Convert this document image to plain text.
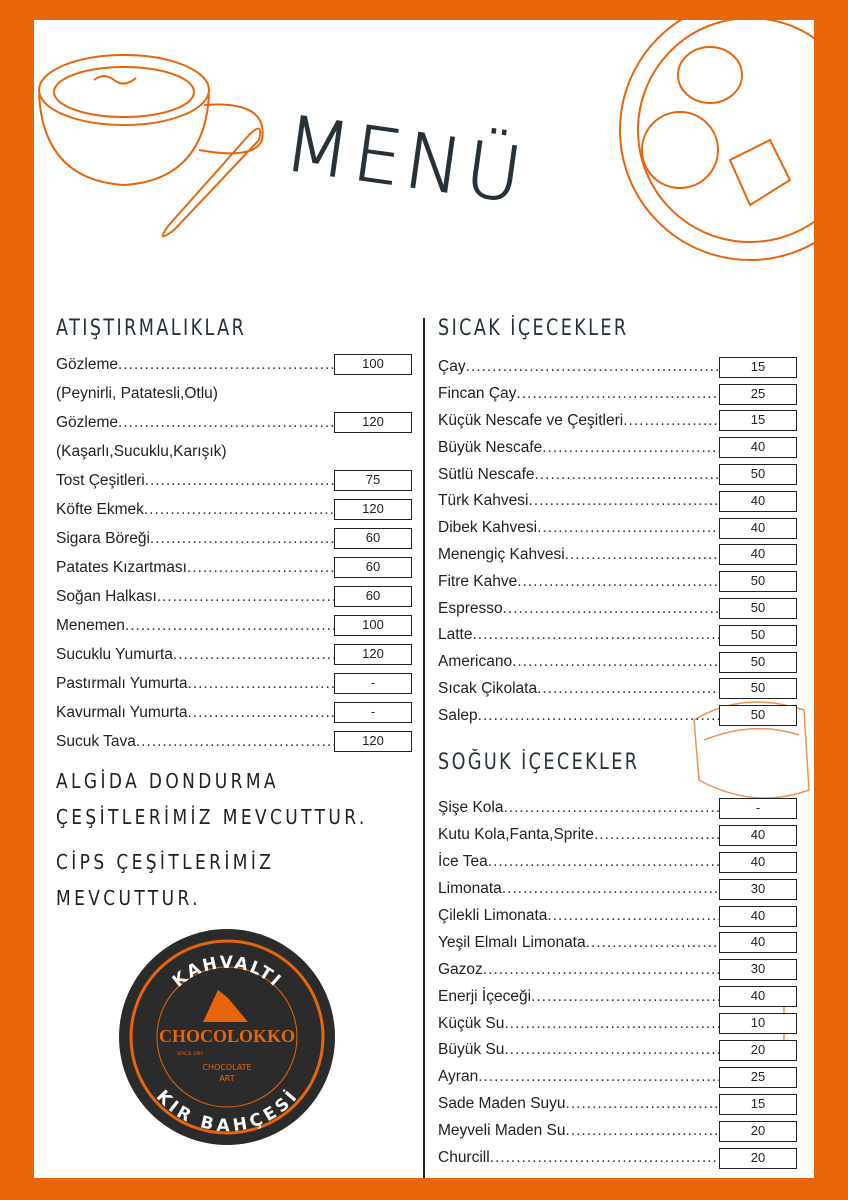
MENÜ
ATIŞTIRMALIKLAR
Gözleme .....	100
(Peynirli, Patatesli,Otlu)
Gözleme .....	120
(Kaşarlı,Sucuklu,Karışık)
Tost Çeşitleri .....	75
Köfte Ekmek .....	120
Sigara Böreği .....	60
Patates Kızartması .....	60
Soğan Halkası .....	60
Menemen .....	100
Sucuklu Yumurta .....	120
Pastırmalı Yumurta .....	-
Kavurmalı Yumurta .....	-
Sucuk Tava .....	120
ALGİDA DONDURMA ÇEŞİTLERİMİZ MEVCUTTUR.
CİPS ÇEŞİTLERİMİZ MEVCUTTUR.
SICAK İÇECEKLER
Çay .....	15
Fincan Çay .....	25
Küçük Nescafe ve Çeşitleri .....	15
Büyük Nescafe .....	40
Sütlü Nescafe .....	50
Türk Kahvesi .....	40
Dibek Kahvesi .....	40
Menengiç Kahvesi .....	40
Fitre Kahve .....	50
Espresso .....	50
Latte .....	50
Americano .....	50
Sıcak Çikolata .....	50
Salep .....	50
SOĞUK İÇECEKLER
Şişe Kola .....	-
Kutu Kola,Fanta,Sprite .....	40
İce Tea .....	40
Limonata .....	30
Çilekli Limonata .....	40
Yeşil Elmalı Limonata .....	40
Gazoz .....	30
Enerji İçeceği .....	40
Küçük Su .....	10
Büyük Su .....	20
Ayran .....	25
Sade Maden Suyu .....	15
Meyveli Maden Su .....	20
Churcill .....	20
KAHVALTI
KIR BAHÇESİ
CHOCOLOKKO
SINCE 1993
CHOCOLATE
ART
